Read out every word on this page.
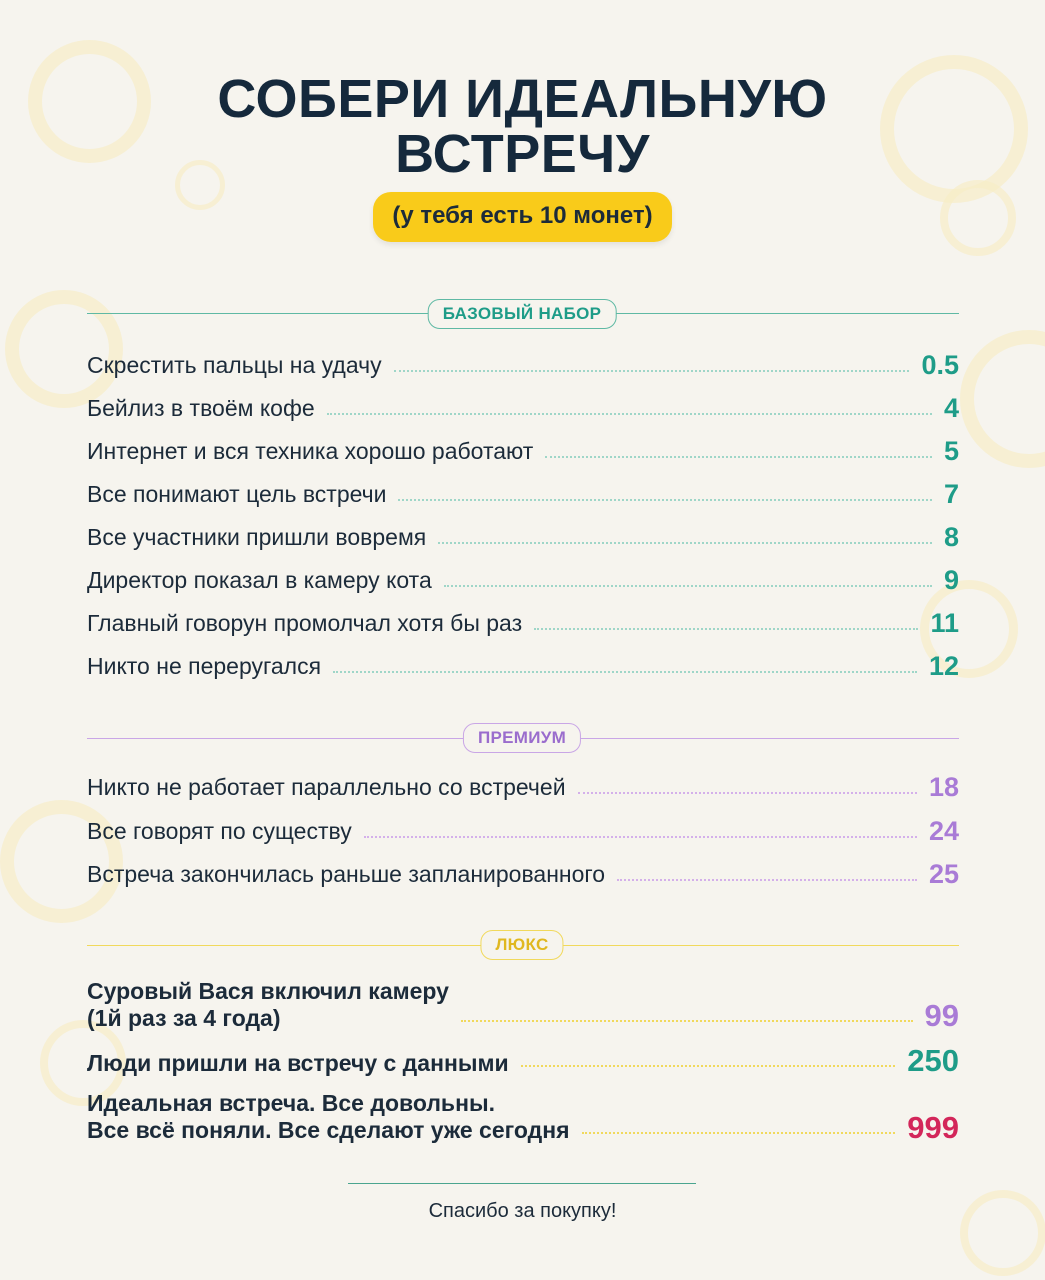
СОБЕРИ ИДЕАЛЬНУЮ
ВСТРЕЧУ
(у тебя есть 10 монет)
БАЗОВЫЙ НАБОР
Скрестить пальцы на удачу	0.5
Бейлиз в твоём кофе	4
Интернет и вся техника хорошо работают	5
Все понимают цель встречи	7
Все участники пришли вовремя	8
Директор показал в камеру кота	9
Главный говорун промолчал хотя бы раз	11
Никто не переругался	12
ПРЕМИУМ
Никто не работает параллельно со встречей	18
Все говорят по существу	24
Встреча закончилась раньше запланированного	25
ЛЮКС
Суровый Вася включил камеру
(1й раз за 4 года)	99
Люди пришли на встречу с данными	250
Идеальная встреча. Все довольны.
Все всё поняли. Все сделают уже сегодня	999
Спасибо за покупку!
